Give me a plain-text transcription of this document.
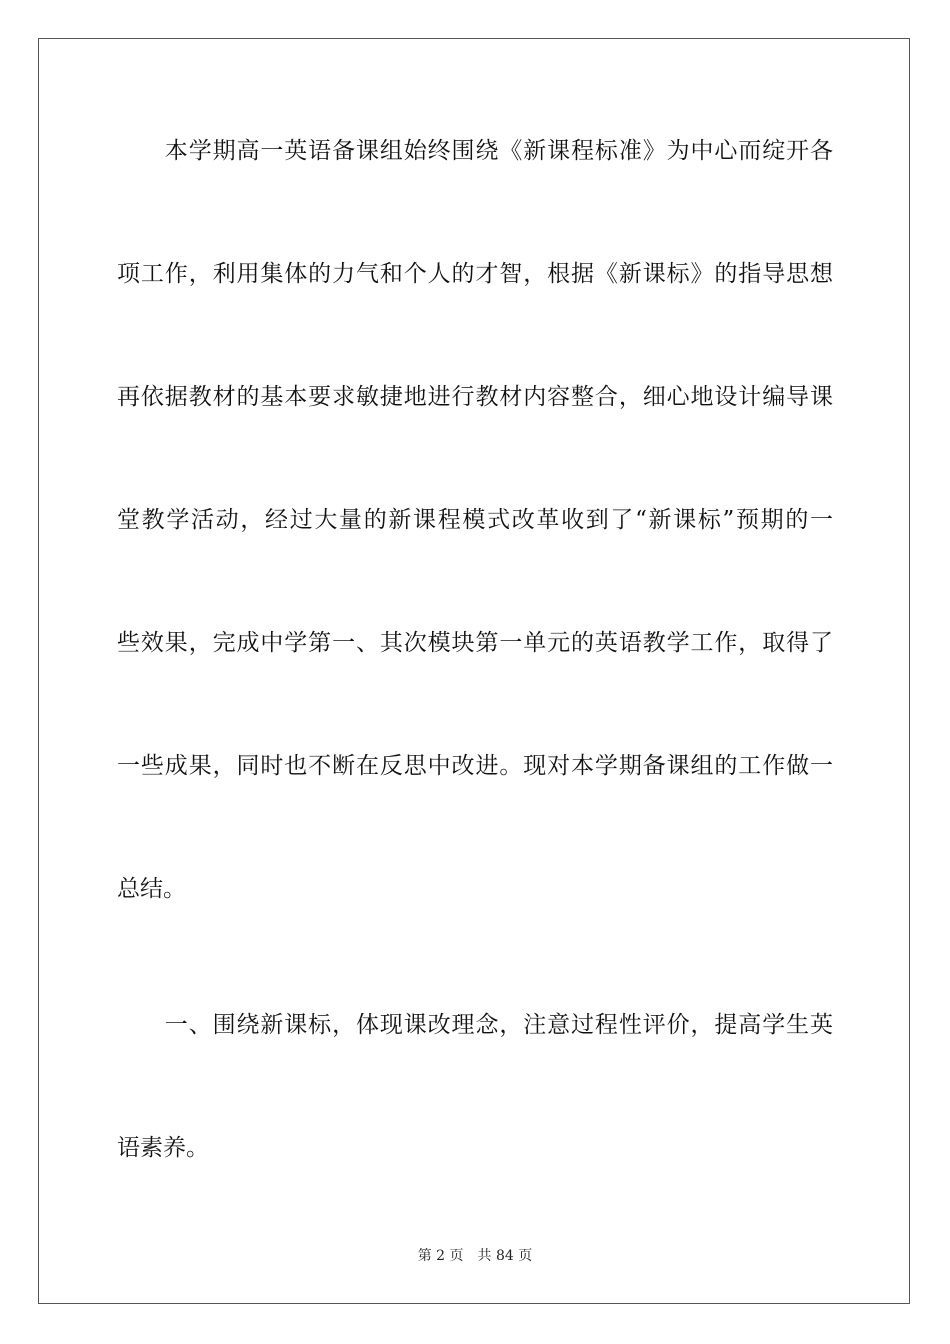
　　本学期高一英语备课组始终围绕《新课程标准》为中心而绽开各
项工作，利用集体的力气和个人的才智，根据《新课标》的指导思想
再依据教材的基本要求敏捷地进行教材内容整合，细心地设计编导课
堂教学活动，经过大量的新课程模式改革收到了“新课标”预期的一
些效果，完成中学第一、其次模块第一单元的英语教学工作，取得了
一些成果，同时也不断在反思中改进。现对本学期备课组的工作做一
总结。
　　一、围绕新课标，体现课改理念，注意过程性评价，提高学生英
语素养。
第 2 页　共 84 页
